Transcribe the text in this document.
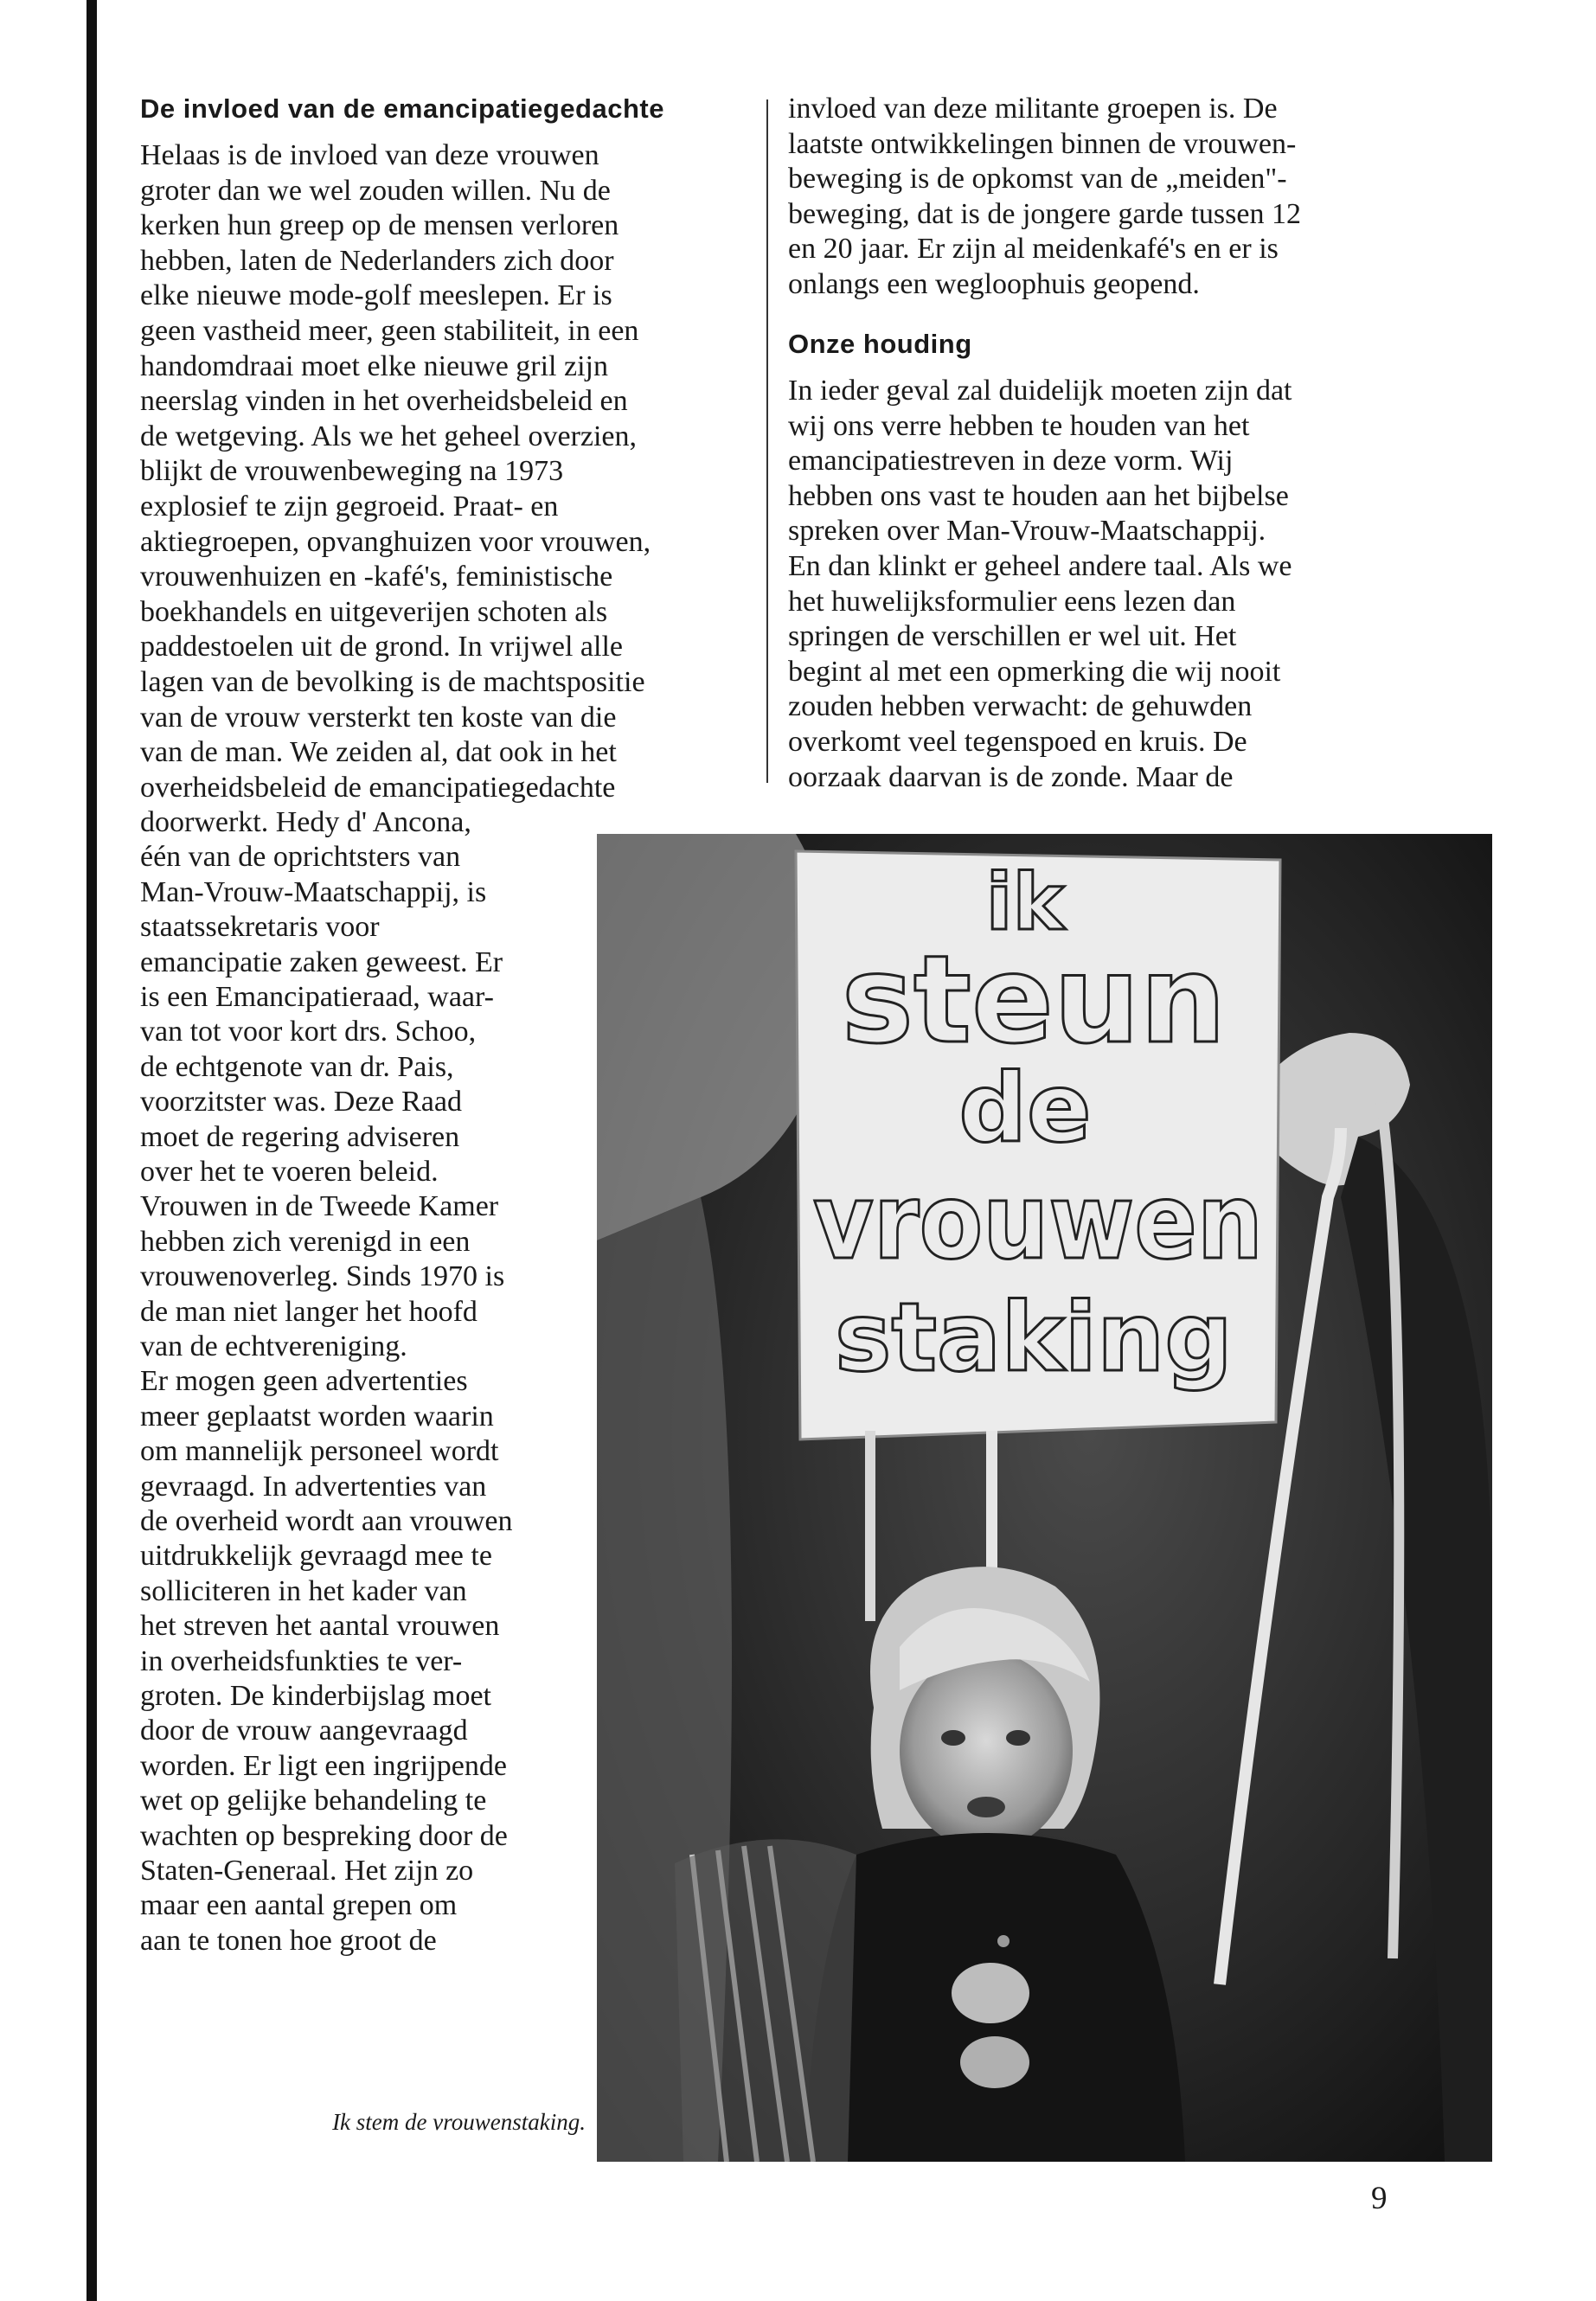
De invloed van de emancipatiegedachte

Helaas is de invloed van deze vrouwen

groter dan we wel zouden willen. Nu de

kerken hun greep op de mensen verloren

hebben, laten de Nederlanders zich door

elke nieuwe mode-golf meeslepen. Er is

geen vastheid meer, geen stabiliteit, in een

handomdraai moet elke nieuwe gril zijn

neerslag vinden in het overheidsbeleid en

de wetgeving. Als we het geheel overzien,

blijkt de vrouwenbeweging na 1973

explosief te zijn gegroeid. Praat- en

aktiegroepen, opvanghuizen voor vrouwen,

vrouwenhuizen en -kafé's, feministische

boekhandels en uitgeverijen schoten als

paddestoelen uit de grond. In vrijwel alle

lagen van de bevolking is de machtspositie

van de vrouw versterkt ten koste van die

van de man. We zeiden al, dat ook in het

overheidsbeleid de emancipatiegedachte

doorwerkt. Hedy d' Ancona,

één van de oprichtsters van

Man-Vrouw-Maatschappij, is

staatssekretaris voor

emancipatie zaken geweest. Er

is een Emancipatieraad, waar-

van tot voor kort drs. Schoo,

de echtgenote van dr. Pais,

voorzitster was. Deze Raad

moet de regering adviseren

over het te voeren beleid.

Vrouwen in de Tweede Kamer

hebben zich verenigd in een

vrouwenoverleg. Sinds 1970 is

de man niet langer het hoofd

van de echtvereniging.

Er mogen geen advertenties

meer geplaatst worden waarin

om mannelijk personeel wordt

gevraagd. In advertenties van

de overheid wordt aan vrouwen

uitdrukkelijk gevraagd mee te

solliciteren in het kader van

het streven het aantal vrouwen

in overheidsfunkties te ver-

groten. De kinderbijslag moet

door de vrouw aangevraagd

worden. Er ligt een ingrijpende

wet op gelijke behandeling te

wachten op bespreking door de

Staten-Generaal. Het zijn zo

maar een aantal grepen om

aan te tonen hoe groot de

invloed van deze militante groepen is. De

laatste ontwikkelingen binnen de vrouwen-

beweging is de opkomst van de „meiden"-

beweging, dat is de jongere garde tussen 12

en 20 jaar. Er zijn al meidenkafé's en er is

onlangs een wegloophuis geopend.

Onze houding

In ieder geval zal duidelijk moeten zijn dat

wij ons verre hebben te houden van het

emancipatiestreven in deze vorm. Wij

hebben ons vast te houden aan het bijbelse

spreken over Man-Vrouw-Maatschappij.

En dan klinkt er geheel andere taal. Als we

het huwelijksformulier eens lezen dan

springen de verschillen er wel uit. Het

begint al met een opmerking die wij nooit

zouden hebben verwacht: de gehuwden

overkomt veel tegenspoed en kruis. De

oorzaak daarvan is de zonde. Maar de

ik
steun
de
vrouwen
staking

Ik stem de vrouwenstaking.

9
